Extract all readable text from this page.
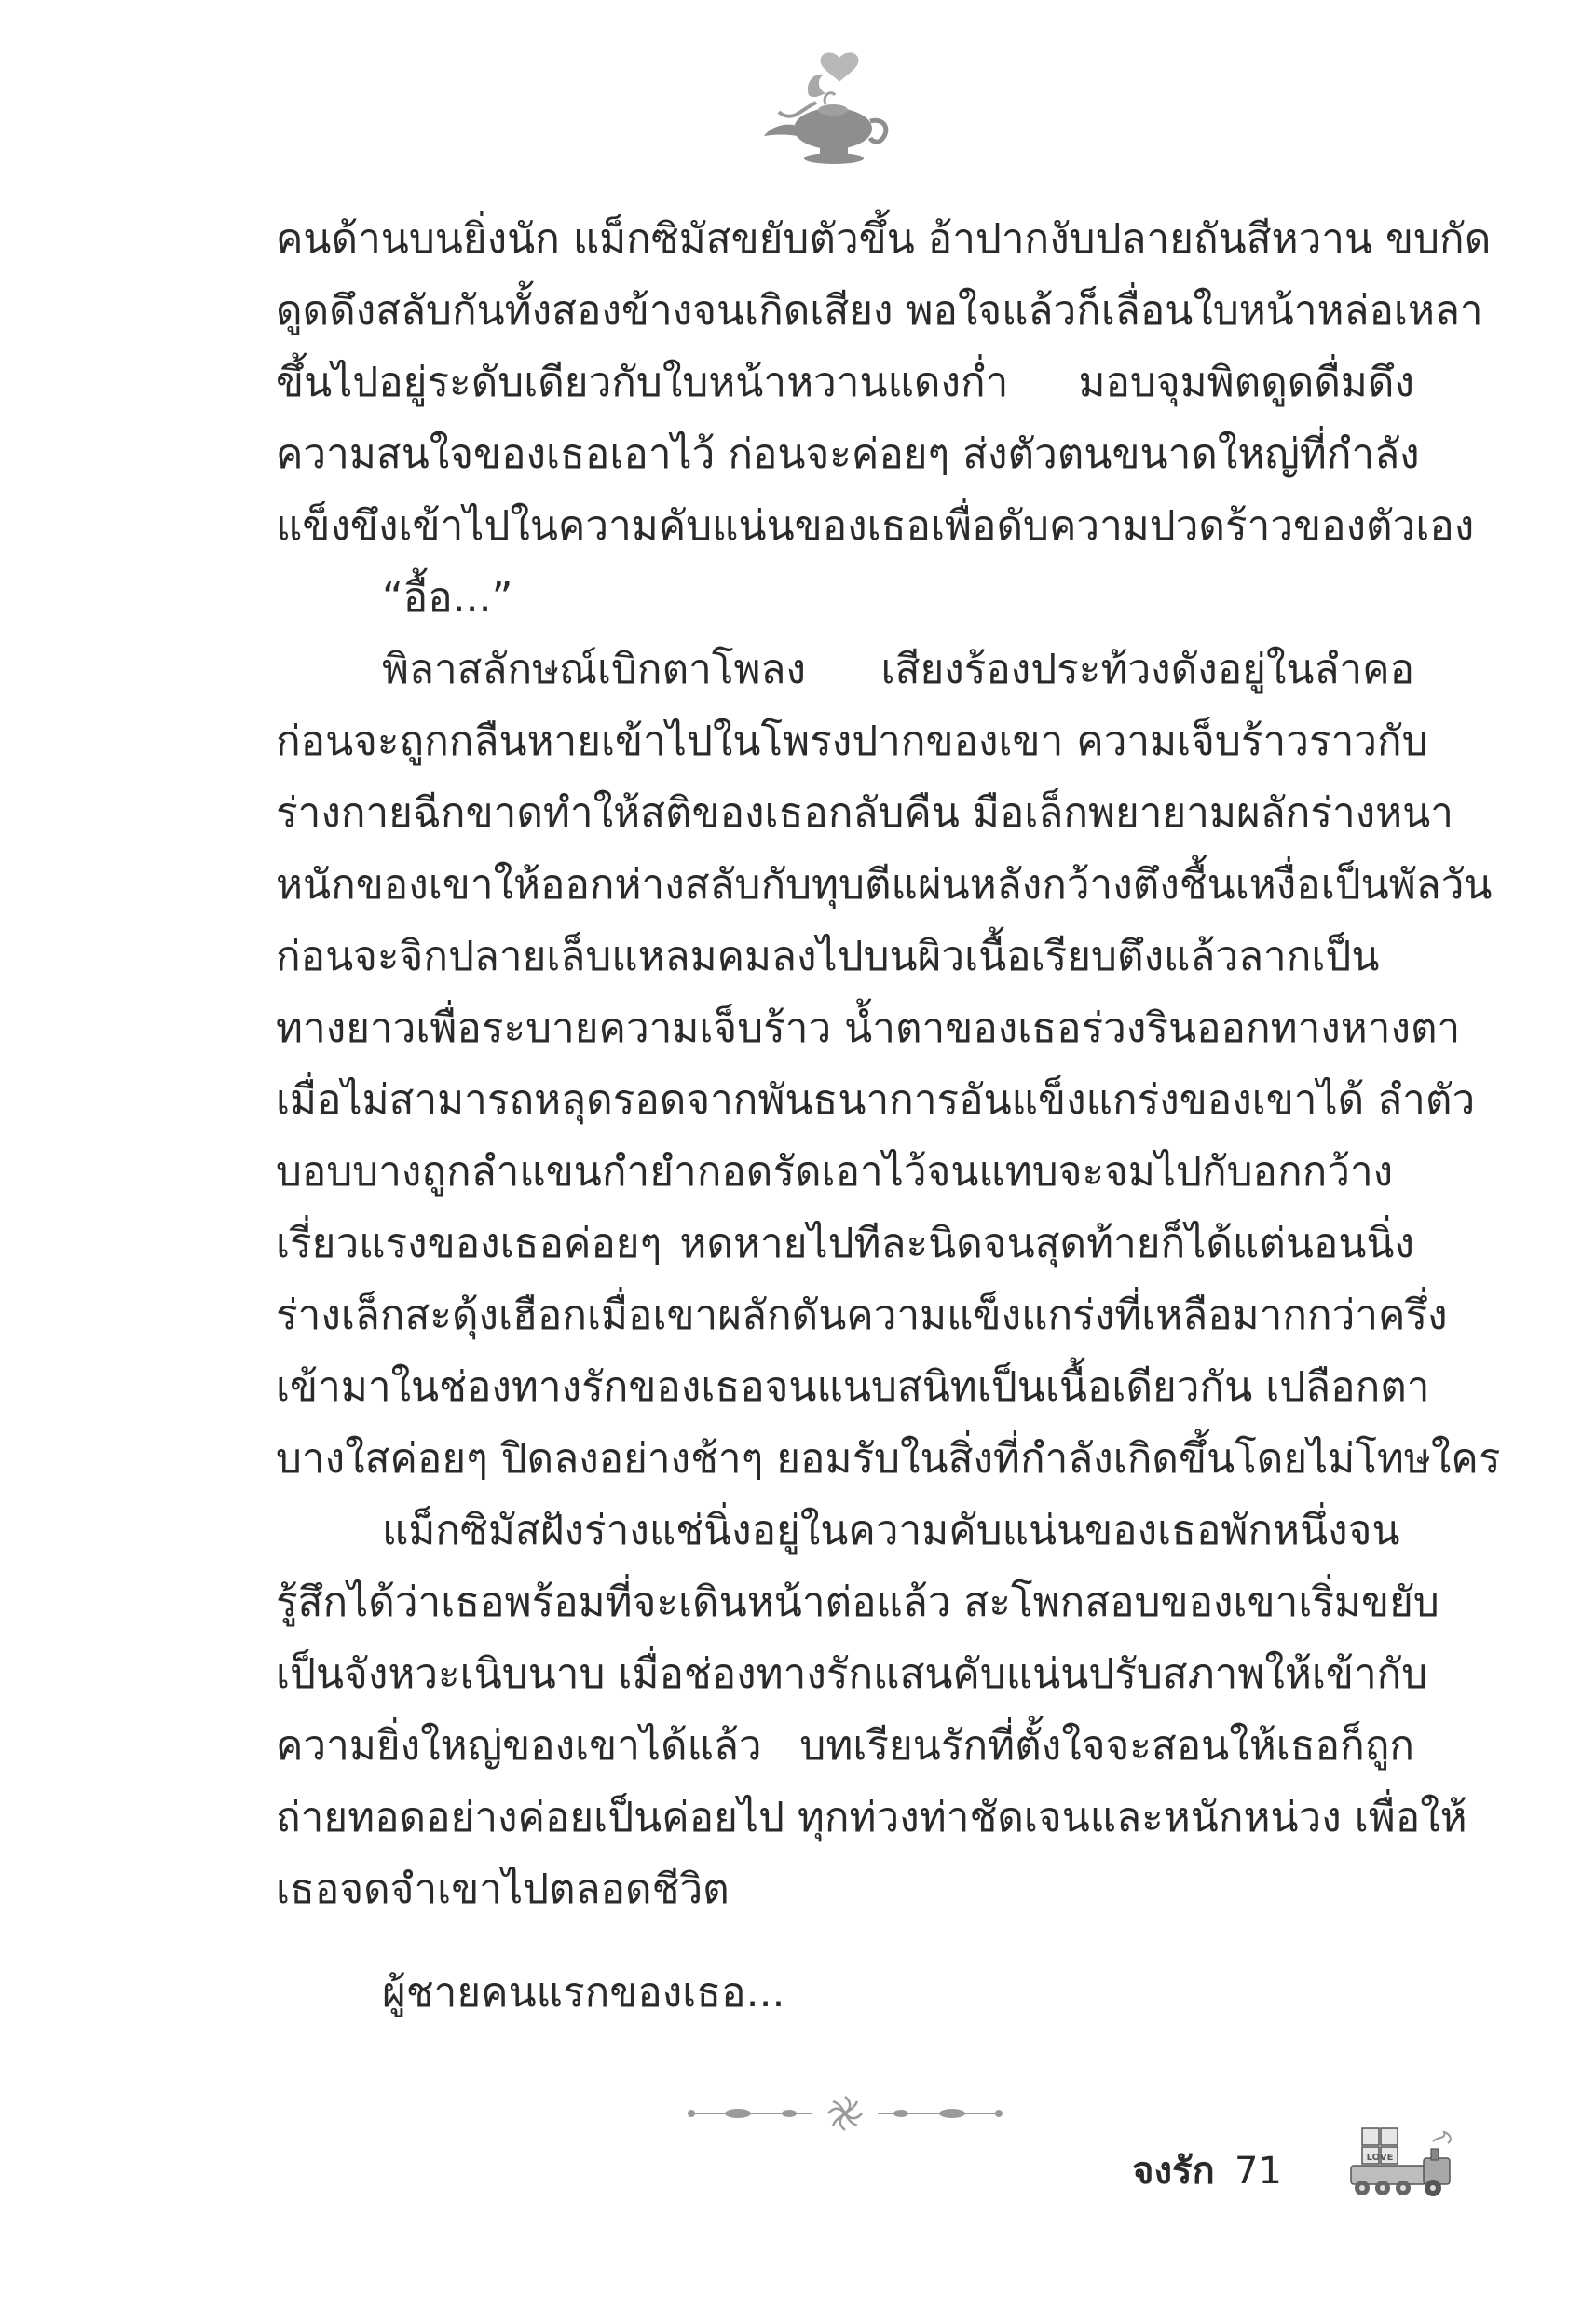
คนด้านบนยิ่งนัก แม็กซิมัสขยับตัวขึ้น อ้าปากงับปลายถันสีหวาน ขบกัด
ดูดดึงสลับกันทั้งสองข้างจนเกิดเสียง พอใจแล้วก็เลื่อนใบหน้าหล่อเหลา
ขึ้นไปอยู่ระดับเดียวกับใบหน้าหวานแดงก่ำ มอบจุมพิตดูดดื่มดึง
ความสนใจของเธอเอาไว้ ก่อนจะค่อยๆ ส่งตัวตนขนาดใหญ่ที่กำลัง
แข็งขึงเข้าไปในความคับแน่นของเธอเพื่อดับความปวดร้าวของตัวเอง
“อื้อ...”
พิลาสลักษณ์เบิกตาโพลง เสียงร้องประท้วงดังอยู่ในลำคอ
ก่อนจะถูกกลืนหายเข้าไปในโพรงปากของเขา ความเจ็บร้าวราวกับ
ร่างกายฉีกขาดทำให้สติของเธอกลับคืน มือเล็กพยายามผลักร่างหนา
หนักของเขาให้ออกห่างสลับกับทุบตีแผ่นหลังกว้างตึงชื้นเหงื่อเป็นพัลวัน
ก่อนจะจิกปลายเล็บแหลมคมลงไปบนผิวเนื้อเรียบตึงแล้วลากเป็น
ทางยาวเพื่อระบายความเจ็บร้าว น้ำตาของเธอร่วงรินออกทางหางตา
เมื่อไม่สามารถหลุดรอดจากพันธนาการอันแข็งแกร่งของเขาได้ ลำตัว
บอบบางถูกลำแขนกำยำกอดรัดเอาไว้จนแทบจะจมไปกับอกกว้าง
เรี่ยวแรงของเธอค่อยๆ หดหายไปทีละนิดจนสุดท้ายก็ได้แต่นอนนิ่ง
ร่างเล็กสะดุ้งเฮือกเมื่อเขาผลักดันความแข็งแกร่งที่เหลือมากกว่าครึ่ง
เข้ามาในช่องทางรักของเธอจนแนบสนิทเป็นเนื้อเดียวกัน เปลือกตา
บางใสค่อยๆ ปิดลงอย่างช้าๆ ยอมรับในสิ่งที่กำลังเกิดขึ้นโดยไม่โทษใคร
แม็กซิมัสฝังร่างแช่นิ่งอยู่ในความคับแน่นของเธอพักหนึ่งจน
รู้สึกได้ว่าเธอพร้อมที่จะเดินหน้าต่อแล้ว สะโพกสอบของเขาเริ่มขยับ
เป็นจังหวะเนิบนาบ เมื่อช่องทางรักแสนคับแน่นปรับสภาพให้เข้ากับ
ความยิ่งใหญ่ของเขาได้แล้ว บทเรียนรักที่ตั้งใจจะสอนให้เธอก็ถูก
ถ่ายทอดอย่างค่อยเป็นค่อยไป ทุกท่วงท่าชัดเจนและหนักหน่วง เพื่อให้
เธอจดจำเขาไปตลอดชีวิต
ผู้ชายคนแรกของเธอ...
จงรัก 71	LOVE
